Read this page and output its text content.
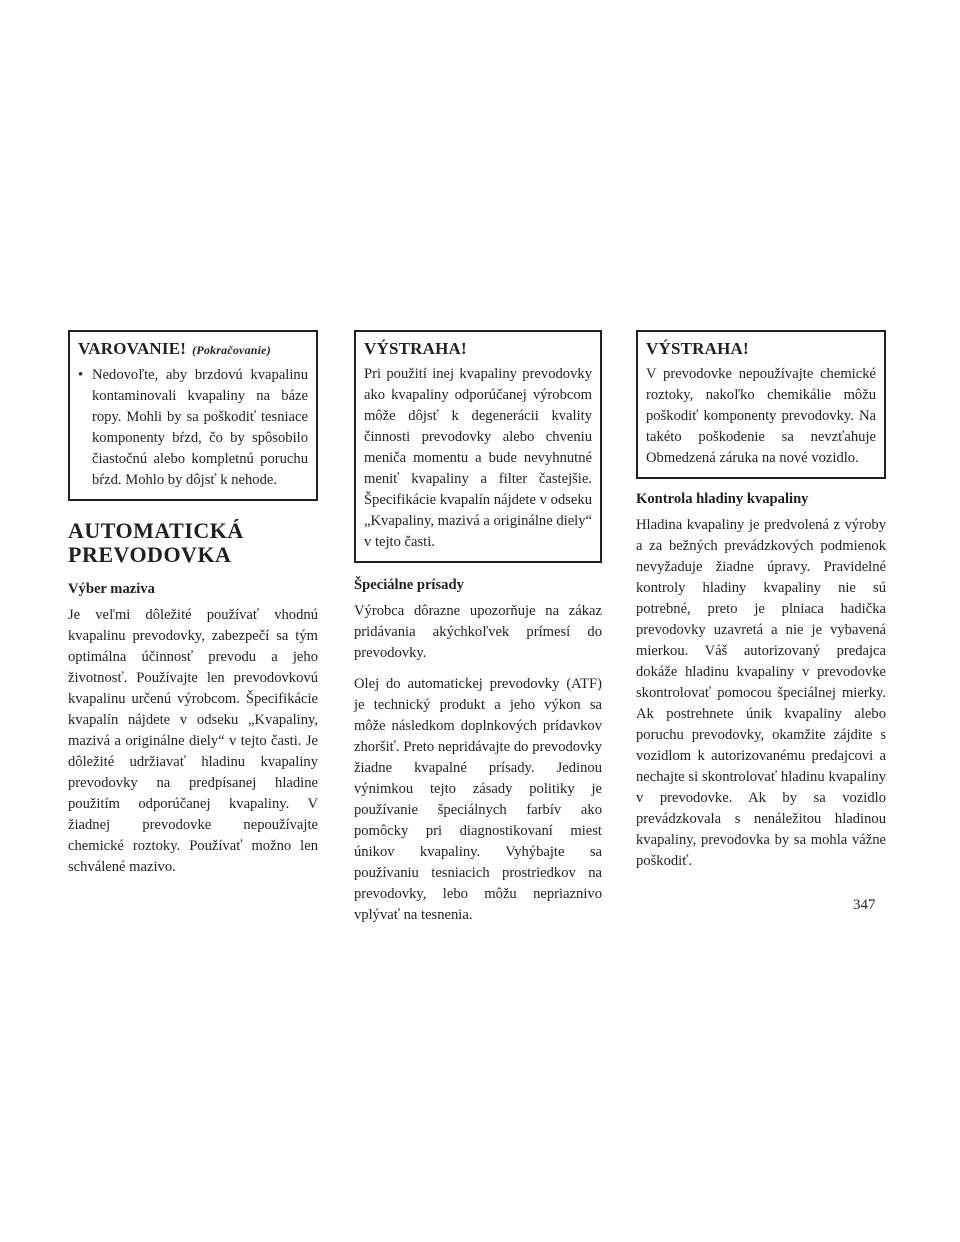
VAROVANIE! (Pokračovanie)
• Nedovoľte, aby brzdovú kvapalinu kontaminovali kvapaliny na báze ropy. Mohli by sa poškodiť tesniace komponenty bŕzd, čo by spôsobilo čiastočnú alebo kompletnú poruchu bŕzd. Mohlo by dôjsť k nehode.
AUTOMATICKÁ PREVODOVKA
Výber maziva

Je veľmi dôležité používať vhodnú kvapalinu prevodovky, zabezpečí sa tým optimálna účinnosť prevodu a jeho životnosť. Používajte len prevodovkovú kvapalinu určenú výrobcom. Špecifikácie kvapalín nájdete v odseku „Kvapaliny, mazivá a originálne diely“ v tejto časti. Je dôležité udržiavať hladinu kvapaliny prevodovky na predpísanej hladine použitím odporúčanej kvapaliny. V žiadnej prevodovke nepoužívajte chemické roztoky. Používať možno len schválené mazivo.

VÝSTRAHA!

Pri použití inej kvapaliny prevodovky ako kvapaliny odporúčanej výrobcom môže dôjsť k degenerácii kvality činnosti prevodovky alebo chveniu meniča momentu a bude nevyhnutné meniť kvapaliny a filter častejšie. Špecifikácie kvapalín nájdete v odseku „Kvapaliny, mazivá a originálne diely“ v tejto časti.

Špeciálne prísady

Výrobca dôrazne upozorňuje na zákaz pridávania akýchkoľvek prímesí do prevodovky.

Olej do automatickej prevodovky (ATF) je technický produkt a jeho výkon sa môže následkom doplnkových prídavkov zhoršiť. Preto nepridávajte do prevodovky žiadne kvapalné prísady. Jedinou výnimkou tejto zásady politiky je používanie špeciálnych farbív ako pomôcky pri diagnostikovaní miest únikov kvapaliny. Vyhýbajte sa používaniu tesniacich prostriedkov na prevodovky, lebo môžu nepriaznivo vplývať na tesnenia.

VÝSTRAHA!

V prevodovke nepoužívajte chemické roztoky, nakoľko chemikálie môžu poškodiť komponenty prevodovky. Na takéto poškodenie sa nevzťahuje Obmedzená záruka na nové vozidlo.

Kontrola hladiny kvapaliny

Hladina kvapaliny je predvolená z výroby a za bežných prevádzkových podmienok nevyžaduje žiadne úpravy. Pravidelné kontroly hladiny kvapaliny nie sú potrebné, preto je plniaca hadička prevodovky uzavretá a nie je vybavená mierkou. Váš autorizovaný predajca dokáže hladinu kvapaliny v prevodovke skontrolovať pomocou špeciálnej mierky. Ak postrehnete únik kvapaliny alebo poruchu prevodovky, okamžite zájdite s vozidlom k autorizovanému predajcovi a nechajte si skontrolovať hladinu kvapaliny v prevodovke. Ak by sa vozidlo prevádzkovala s nenáležitou hladinou kvapaliny, prevodovka by sa mohla vážne poškodiť.

347
